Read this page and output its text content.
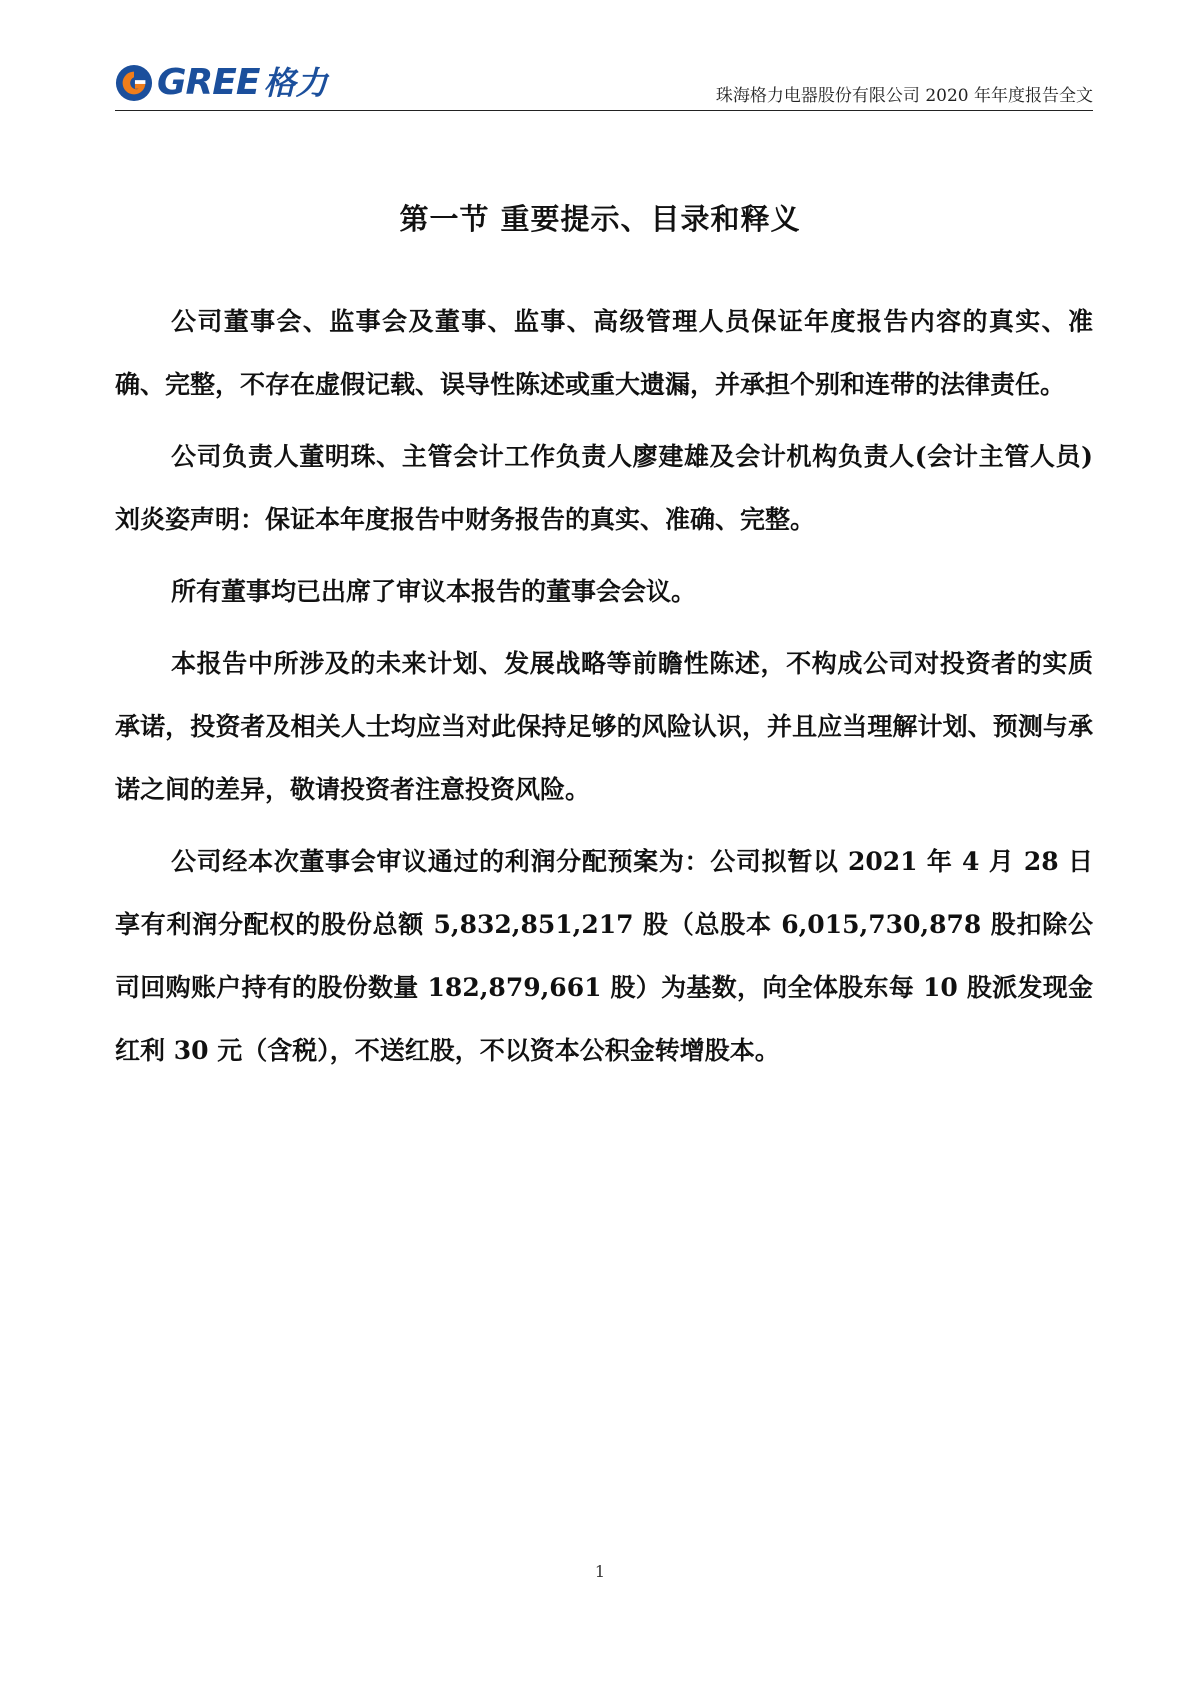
GREE 格力	珠海格力电器股份有限公司 2020 年年度报告全文
第一节 重要提示、目录和释义

公司董事会、监事会及董事、监事、高级管理人员保证年度报告内容的真实、准确、完整，不存在虚假记载、误导性陈述或重大遗漏，并承担个别和连带的法律责任。

公司负责人董明珠、主管会计工作负责人廖建雄及会计机构负责人(会计主管人员)刘炎姿声明：保证本年度报告中财务报告的真实、准确、完整。

所有董事均已出席了审议本报告的董事会会议。

本报告中所涉及的未来计划、发展战略等前瞻性陈述，不构成公司对投资者的实质承诺，投资者及相关人士均应当对此保持足够的风险认识，并且应当理解计划、预测与承诺之间的差异，敬请投资者注意投资风险。

公司经本次董事会审议通过的利润分配预案为：公司拟暂以 2021 年 4 月 28 日享有利润分配权的股份总额 5,832,851,217 股（总股本 6,015,730,878 股扣除公司回购账户持有的股份数量 182,879,661 股）为基数，向全体股东每 10 股派发现金红利 30 元（含税），不送红股，不以资本公积金转增股本。

1
